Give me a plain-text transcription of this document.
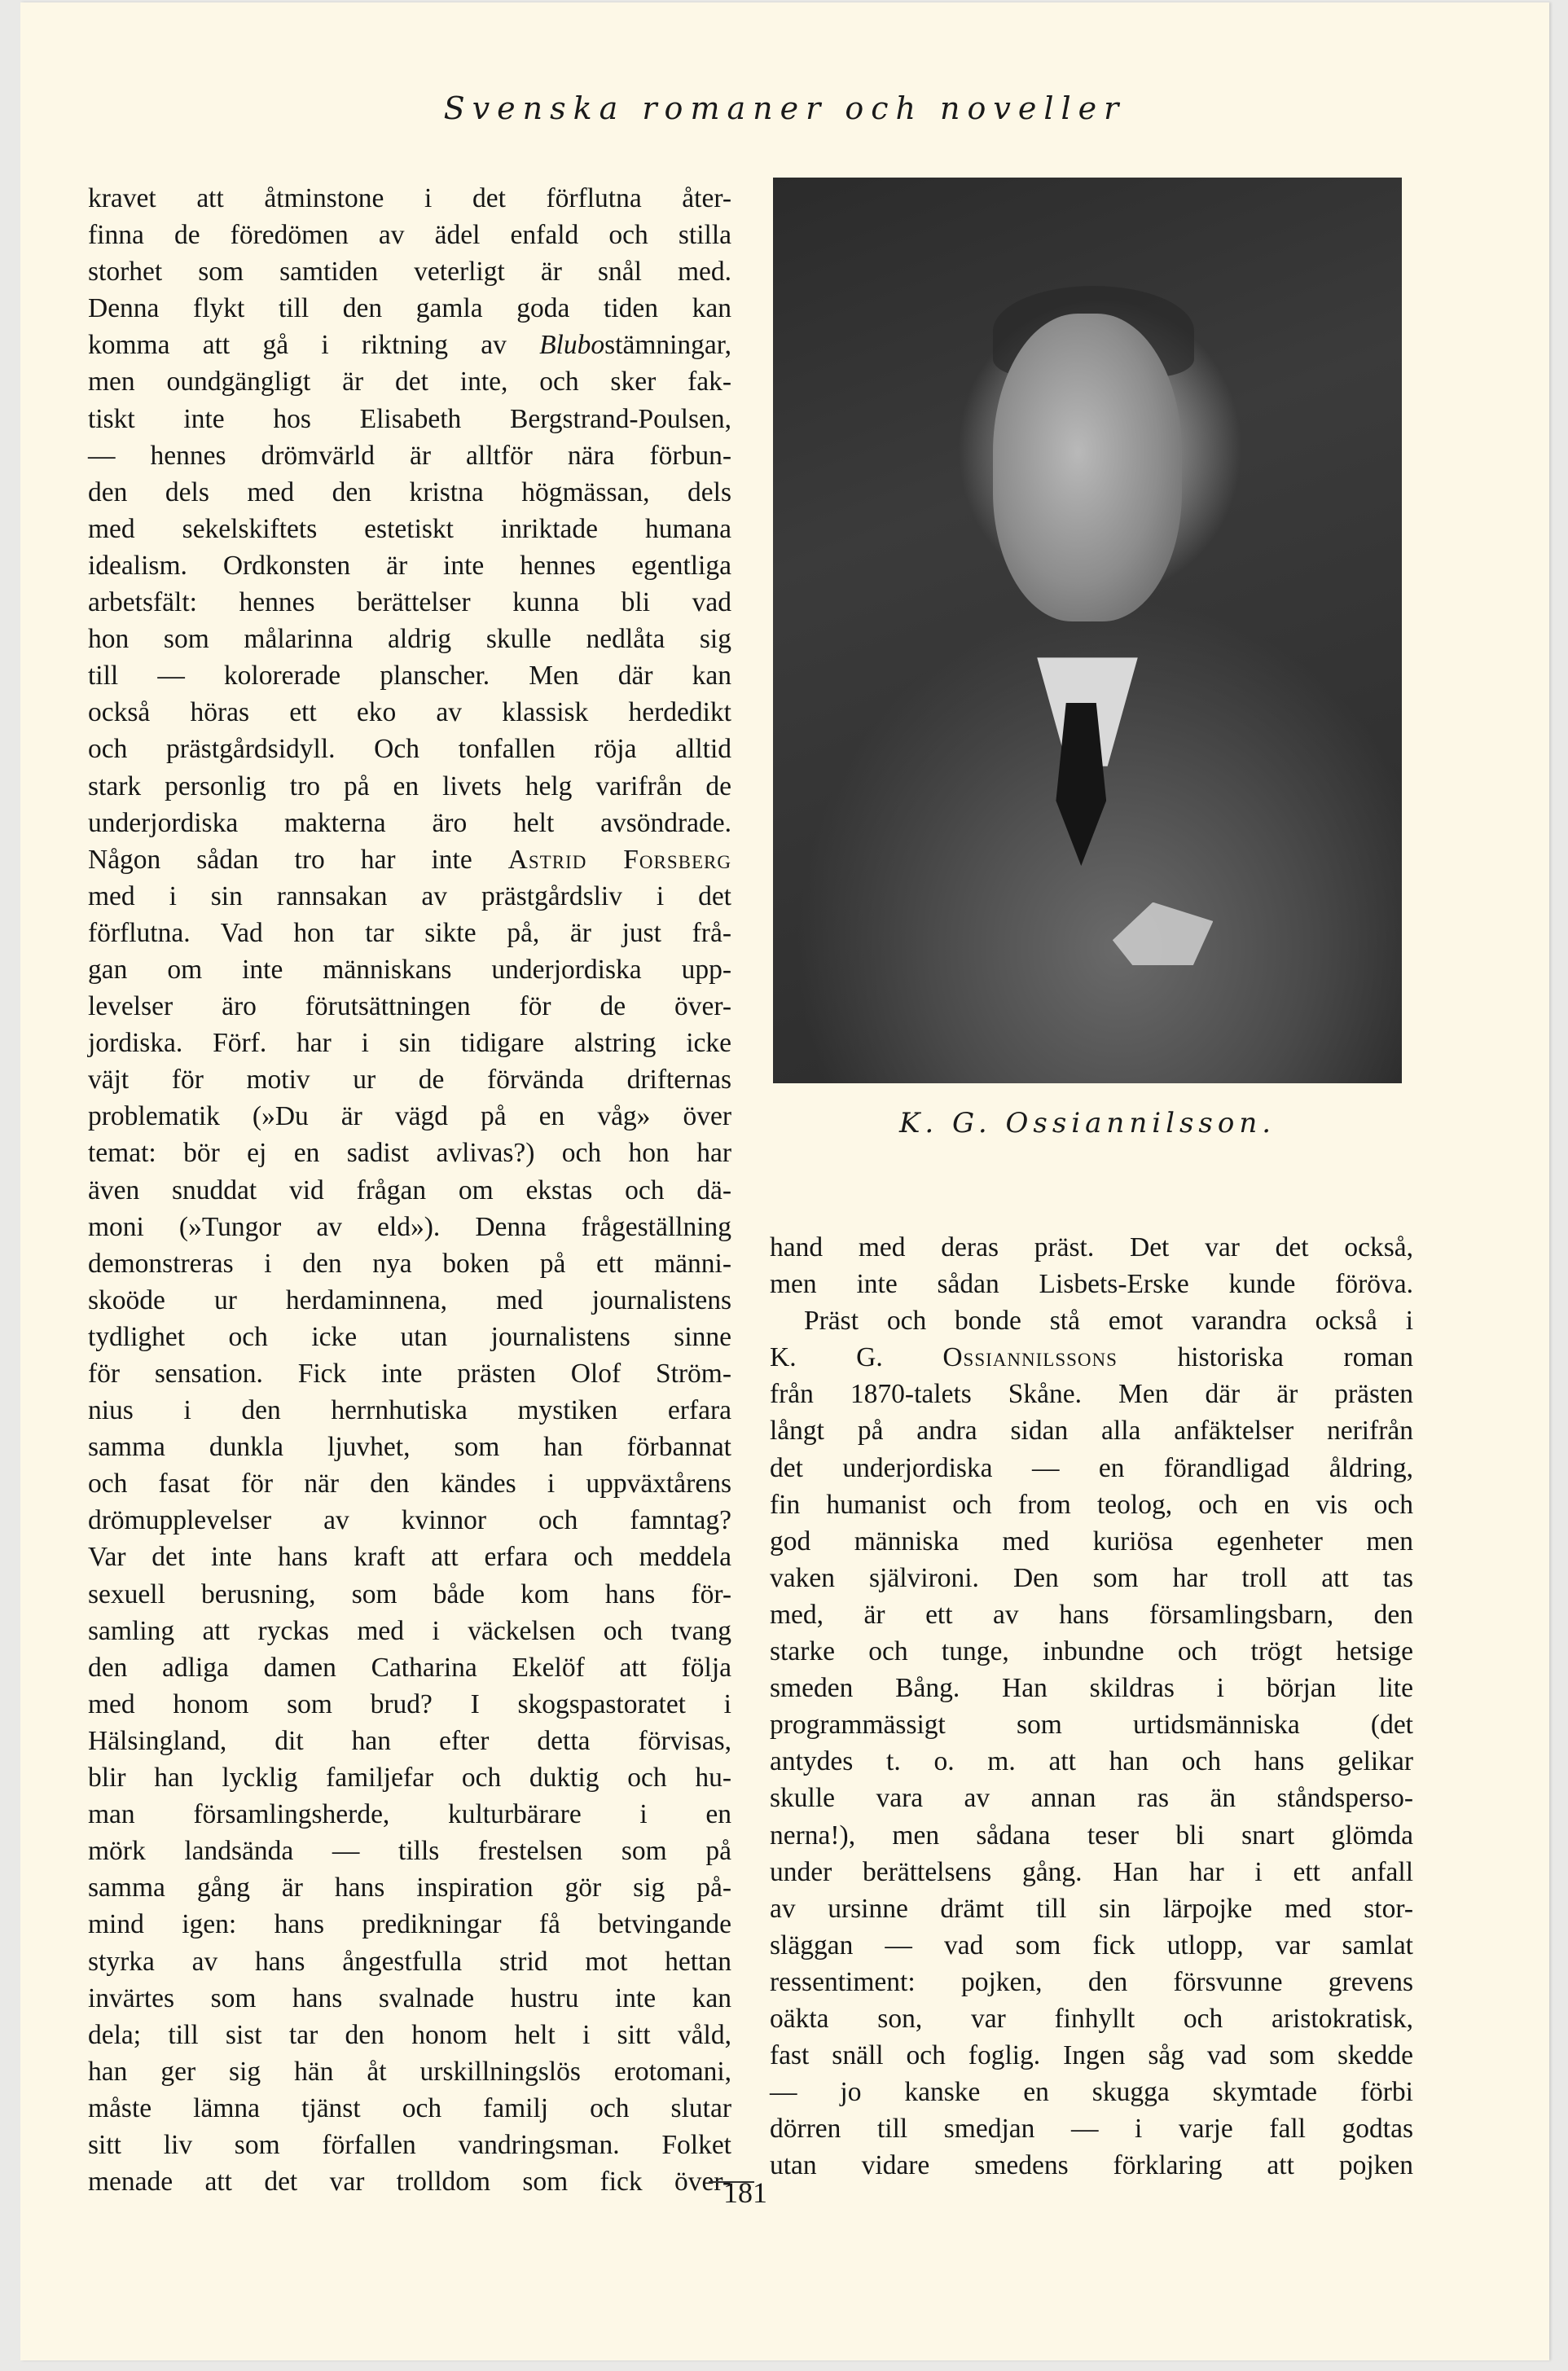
Svenska romaner och noveller
kravet att åtminstone i det förflutna åter-
finna de föredömen av ädel enfald och stilla
storhet som samtiden veterligt är snål med.
Denna flykt till den gamla goda tiden kan
komma att gå i riktning av Blubostämningar,
men oundgängligt är det inte, och sker fak-
tiskt inte hos Elisabeth Bergstrand-Poulsen,
— hennes drömvärld är alltför nära förbun-
den dels med den kristna högmässan, dels
med sekelskiftets estetiskt inriktade humana
idealism. Ordkonsten är inte hennes egentliga
arbetsfält: hennes berättelser kunna bli vad
hon som målarinna aldrig skulle nedlåta sig
till — kolorerade planscher. Men där kan
också höras ett eko av klassisk herdedikt
och prästgårdsidyll. Och tonfallen röja alltid
stark personlig tro på en livets helg varifrån de
underjordiska makterna äro helt avsöndrade.
Någon sådan tro har inte Astrid Forsberg
med i sin rannsakan av prästgårdsliv i det
förflutna. Vad hon tar sikte på, är just frå-
gan om inte människans underjordiska upp-
levelser äro förutsättningen för de över-
jordiska. Förf. har i sin tidigare alstring icke
väjt för motiv ur de förvända drifternas
problematik (»Du är vägd på en våg» över
temat: bör ej en sadist avlivas?) och hon har
även snuddat vid frågan om ekstas och dä-
moni (»Tungor av eld»). Denna frågeställning
demonstreras i den nya boken på ett männi-
skoöde ur herdaminnena, med journalistens
tydlighet och icke utan journalistens sinne
för sensation. Fick inte prästen Olof Ström-
nius i den herrnhutiska mystiken erfara
samma dunkla ljuvhet, som han förbannat
och fasat för när den kändes i uppväxtårens
drömupplevelser av kvinnor och famntag?
Var det inte hans kraft att erfara och meddela
sexuell berusning, som både kom hans för-
samling att ryckas med i väckelsen och tvang
den adliga damen Catharina Ekelöf att följa
med honom som brud? I skogspastoratet i
Hälsingland, dit han efter detta förvisas,
blir han lycklig familjefar och duktig och hu-
man församlingsherde, kulturbärare i en
mörk landsända — tills frestelsen som på
samma gång är hans inspiration gör sig på-
mind igen: hans predikningar få betvingande
styrka av hans ångestfulla strid mot hettan
invärtes som hans svalnade hustru inte kan
dela; till sist tar den honom helt i sitt våld,
han ger sig hän åt urskillningslös erotomani,
måste lämna tjänst och familj och slutar
sitt liv som förfallen vandringsman. Folket
menade att det var trolldom som fick över-
K. G. Ossiannilsson.
hand med deras präst. Det var det också,
men inte sådan Lisbets-Erske kunde föröva.
Präst och bonde stå emot varandra också i
K. G. Ossiannilssons historiska roman
från 1870-talets Skåne. Men där är prästen
långt på andra sidan alla anfäktelser nerifrån
det underjordiska — en förandligad åldring,
fin humanist och from teolog, och en vis och
god människa med kuriösa egenheter men
vaken självironi. Den som har troll att tas
med, är ett av hans församlingsbarn, den
starke och tunge, inbundne och trögt hetsige
smeden Bång. Han skildras i början lite
programmässigt som urtidsmänniska (det
antydes t. o. m. att han och hans gelikar
skulle vara av annan ras än ståndsperso-
nerna!), men sådana teser bli snart glömda
under berättelsens gång. Han har i ett anfall
av ursinne drämt till sin lärpojke med stor-
släggan — vad som fick utlopp, var samlat
ressentiment: pojken, den försvunne grevens
oäkta son, var finhyllt och aristokratisk,
fast snäll och foglig. Ingen såg vad som skedde
— jo kanske en skugga skymtade förbi
dörren till smedjan — i varje fall godtas
utan vidare smedens förklaring att pojken
181
